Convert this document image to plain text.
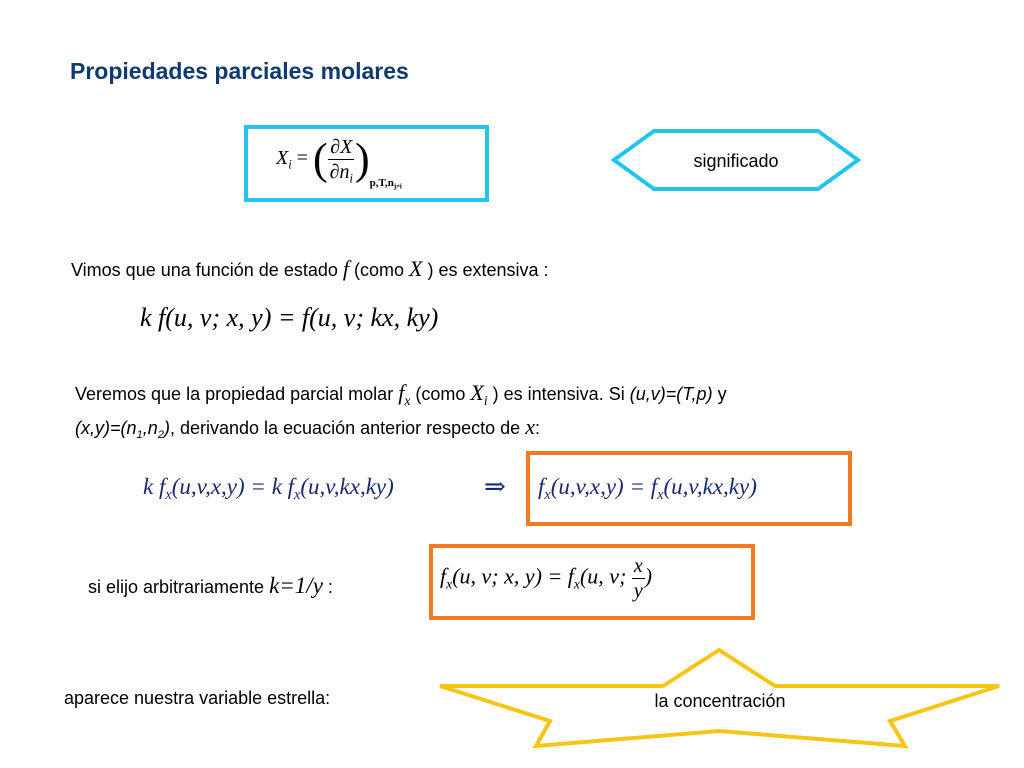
Propiedades parciales molares
$X_i$ = ( $\frac{\partial X}{\partial n_i} )_{p,T,n_{j\ne i}}$
significado
Vimos que una función de estado f (como X ) es extensiva :
k f(u, v; x, y) = f(u, v; kx, ky)
Veremos que la propiedad parcial molar $f_x$ (como $X_i$ ) es intensiva. Si (u,v)=(T,p) y
$(x,y)=(n_1,n_2)$, derivando la ecuación anterior respecto de x:
k $f_x(u,v,x,y) = k$ $f_x(u,v,kx,ky)$	⇒ $f_x(u,v,x,y) = f_x(u,v,kx,ky)$
si elijo arbitrariamente k=1/y :	$f_x(u$, v; x, $y) = f_x(u$, v; $\frac{x}{y}$ )
aparece nuestra variable estrella:	la concentración
